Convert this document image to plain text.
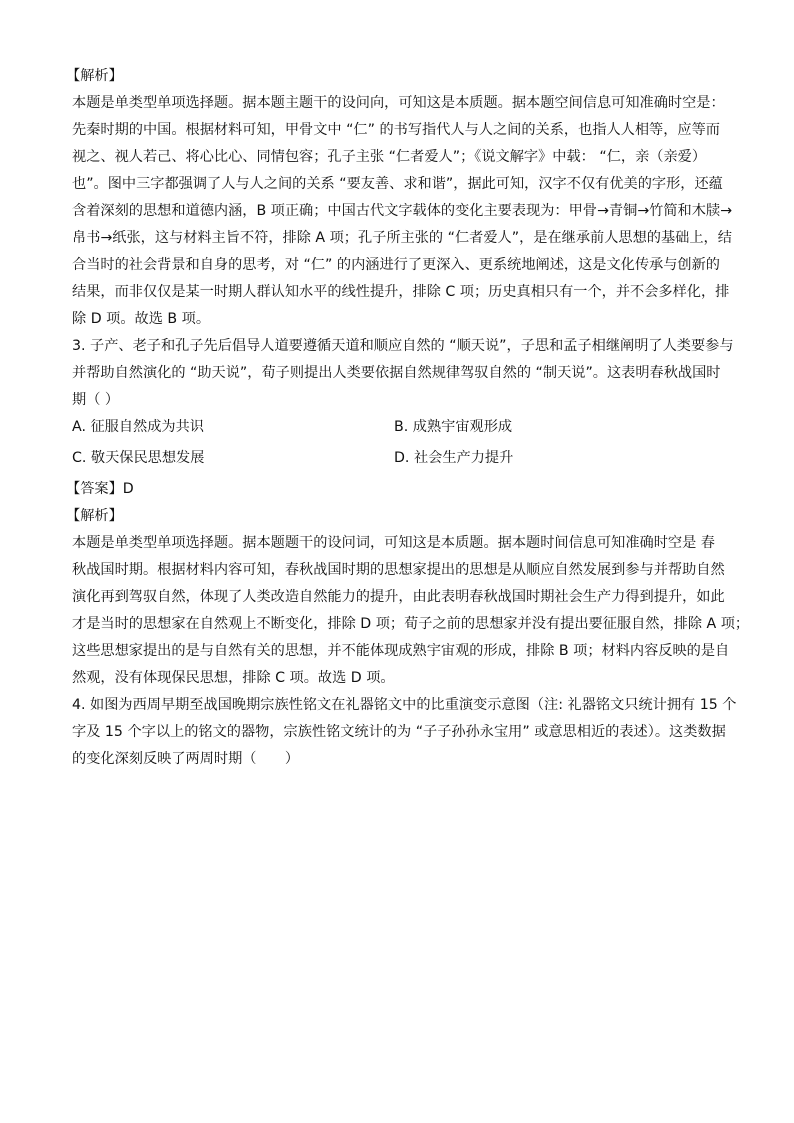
【解析】
本题是单类型单项选择题。据本题主题干的设问向，可知这是本质题。据本题空间信息可知准确时空是：
先秦时期的中国。根据材料可知，甲骨文中 “仁” 的书写指代人与人之间的关系，也指人人相等，应等而
视之、视人若己、将心比心、同情包容；孔子主张 “仁者爱人”；《说文解字》中载： “仁，亲（亲爱）
也”。图中三字都强调了人与人之间的关系 “要友善、求和谐”，据此可知，汉字不仅有优美的字形，还蕴
含着深刻的思想和道德内涵，B 项正确；中国古代文字载体的变化主要表现为：甲骨→青铜→竹简和木牍→
帛书→纸张，这与材料主旨不符，排除 A 项；孔子所主张的 “仁者爱人”，是在继承前人思想的基础上，结
合当时的社会背景和自身的思考，对 “仁” 的内涵进行了更深入、更系统地阐述，这是文化传承与创新的
结果，而非仅仅是某一时期人群认知水平的线性提升，排除 C 项；历史真相只有一个，并不会多样化，排
除 D 项。故选 B 项。

3. 子产、老子和孔子先后倡导人道要遵循天道和顺应自然的 “顺天说”，子思和孟子相继阐明了人类要参与
并帮助自然演化的 “助天说”，荀子则提出人类要依据自然规律驾驭自然的 “制天说”。这表明春秋战国时
期（ ）

A. 征服自然成为共识	B. 成熟宇宙观形成
C. 敬天保民思想发展	D. 社会生产力提升

【答案】D
【解析】
本题是单类型单项选择题。据本题题干的设问词，可知这是本质题。据本题时间信息可知准确时空是 春
秋战国时期。根据材料内容可知，春秋战国时期的思想家提出的思想是从顺应自然发展到参与并帮助自然
演化再到驾驭自然，体现了人类改造自然能力的提升，由此表明春秋战国时期社会生产力得到提升，如此
才是当时的思想家在自然观上不断变化，排除 D 项；荀子之前的思想家并没有提出要征服自然，排除 A 项；
这些思想家提出的是与自然有关的思想，并不能体现成熟宇宙观的形成，排除 B 项；材料内容反映的是自
然观，没有体现保民思想，排除 C 项。故选 D 项。

4. 如图为西周早期至战国晚期宗族性铭文在礼器铭文中的比重演变示意图（注: 礼器铭文只统计拥有 15 个
字及 15 个字以上的铭文的器物，宗族性铭文统计的为 “子子孙孙永宝用” 或意思相近的表述）。这类数据
的变化深刻反映了两周时期（　　）
